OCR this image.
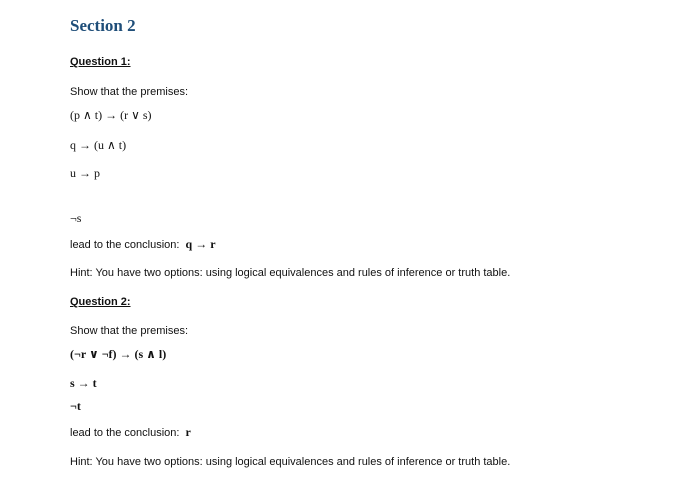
Section 2
Question 1:
Show that the premises:
(p ∧ t) → (r ∨ s)
q → (u ∧ t)
u → p
¬s
lead to the conclusion: q → r
Hint: You have two options: using logical equivalences and rules of inference or truth table.
Question 2:
Show that the premises:
(¬r ∨ ¬f) → (s ∧ l)
s → t
¬t
lead to the conclusion: r
Hint: You have two options: using logical equivalences and rules of inference or truth table.
